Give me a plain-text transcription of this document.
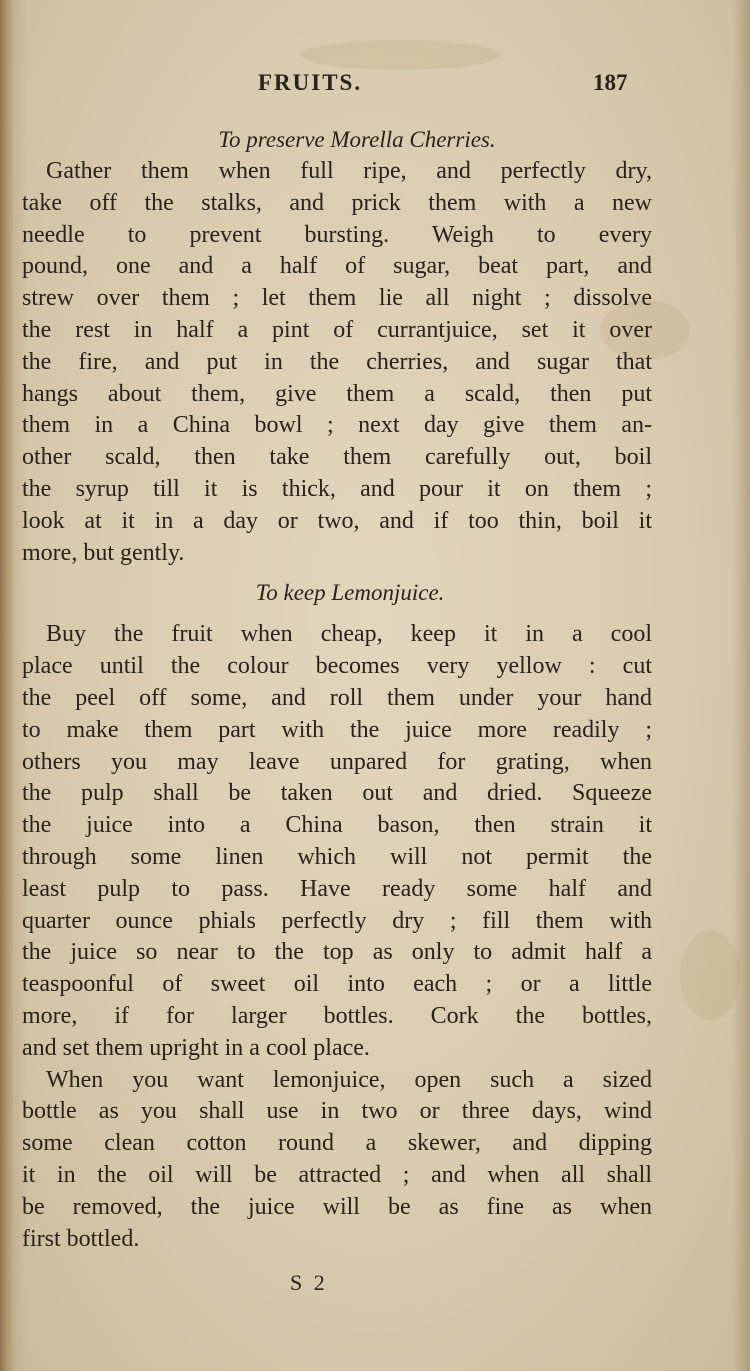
FRUITS.	187
To preserve Morella Cherries.
Gather them when full ripe, and perfectly dry,
take off the stalks, and prick them with a new
needle to prevent bursting. Weigh to every
pound, one and a half of sugar, beat part, and
strew over them ; let them lie all night ; dissolve
the rest in half a pint of currantjuice, set it over
the fire, and put in the cherries, and sugar that
hangs about them, give them a scald, then put
them in a China bowl ; next day give them an-
other scald, then take them carefully out, boil
the syrup till it is thick, and pour it on them ;
look at it in a day or two, and if too thin, boil it
more, but gently.
To keep Lemonjuice.
Buy the fruit when cheap, keep it in a cool
place until the colour becomes very yellow : cut
the peel off some, and roll them under your hand
to make them part with the juice more readily ;
others you may leave unpared for grating, when
the pulp shall be taken out and dried. Squeeze
the juice into a China bason, then strain it
through some linen which will not permit the
least pulp to pass. Have ready some half and
quarter ounce phials perfectly dry ; fill them with
the juice so near to the top as only to admit half a
teaspoonful of sweet oil into each ; or a little
more, if for larger bottles. Cork the bottles,
and set them upright in a cool place.
When you want lemonjuice, open such a sized
bottle as you shall use in two or three days, wind
some clean cotton round a skewer, and dipping
it in the oil will be attracted ; and when all shall
be removed, the juice will be as fine as when
first bottled.
S 2
